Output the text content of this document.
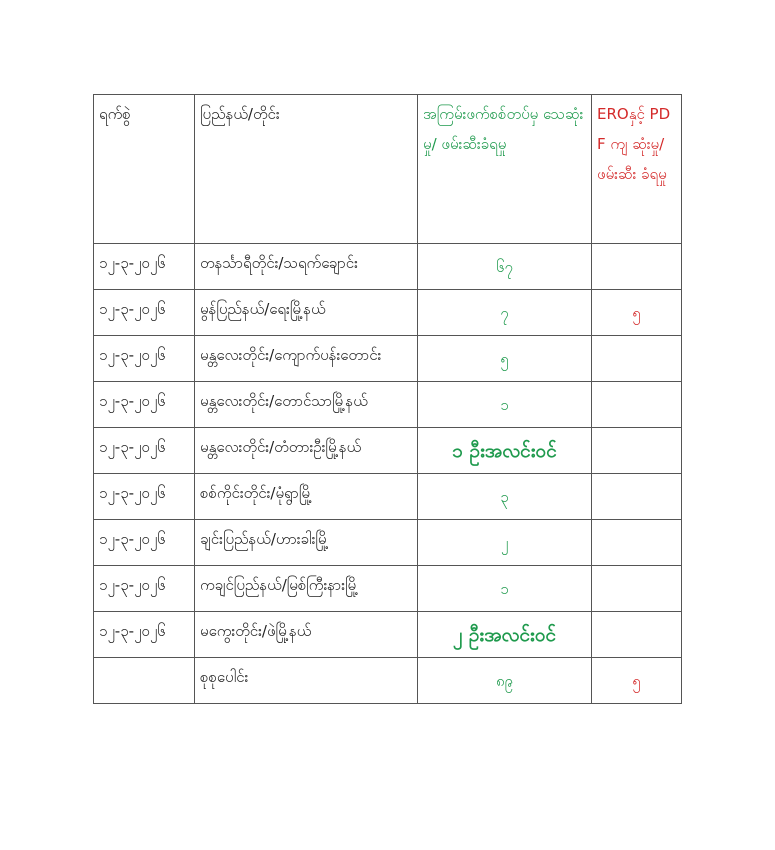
ရက်စွဲ	ပြည်နယ်/တိုင်း	အကြမ်းဖက်စစ်တပ်မှ သေဆုံးမှု/ ဖမ်းဆီးခံရမှု	EROနှင့် PDF ကျ ဆုံးမှု/ ဖမ်းဆီး ခံရမှု
၁၂-၃-၂၀၂၆	တနင်္သာရီတိုင်း/သရက်ချောင်း	၆၇	
၁၂-၃-၂၀၂၆	မွန်ပြည်နယ်/ရေးမြို့နယ်	၇	၅
၁၂-၃-၂၀၂၆	မန္တလေးတိုင်း/ကျောက်ပန်းတောင်း	၅	
၁၂-၃-၂၀၂၆	မန္တလေးတိုင်း/တောင်သာမြို့နယ်	၁	
၁၂-၃-၂၀၂၆	မန္တလေးတိုင်း/တံတားဦးမြို့နယ်	၁ ဦးအလင်းဝင်	
၁၂-၃-၂၀၂၆	စစ်ကိုင်းတိုင်း/မုံရွာမြို့	၃	
၁၂-၃-၂၀၂၆	ချင်းပြည်နယ်/ဟားခါးမြို့	၂	
၁၂-၃-၂၀၂၆	ကချင်ပြည်နယ်/မြစ်ကြီးနားမြို့	၁	
၁၂-၃-၂၀၂၆	မကွေးတိုင်း/ဖဲမြို့နယ်	၂ ဦးအလင်းဝင်	
	စုစုပေါင်း	၈၉	၅
